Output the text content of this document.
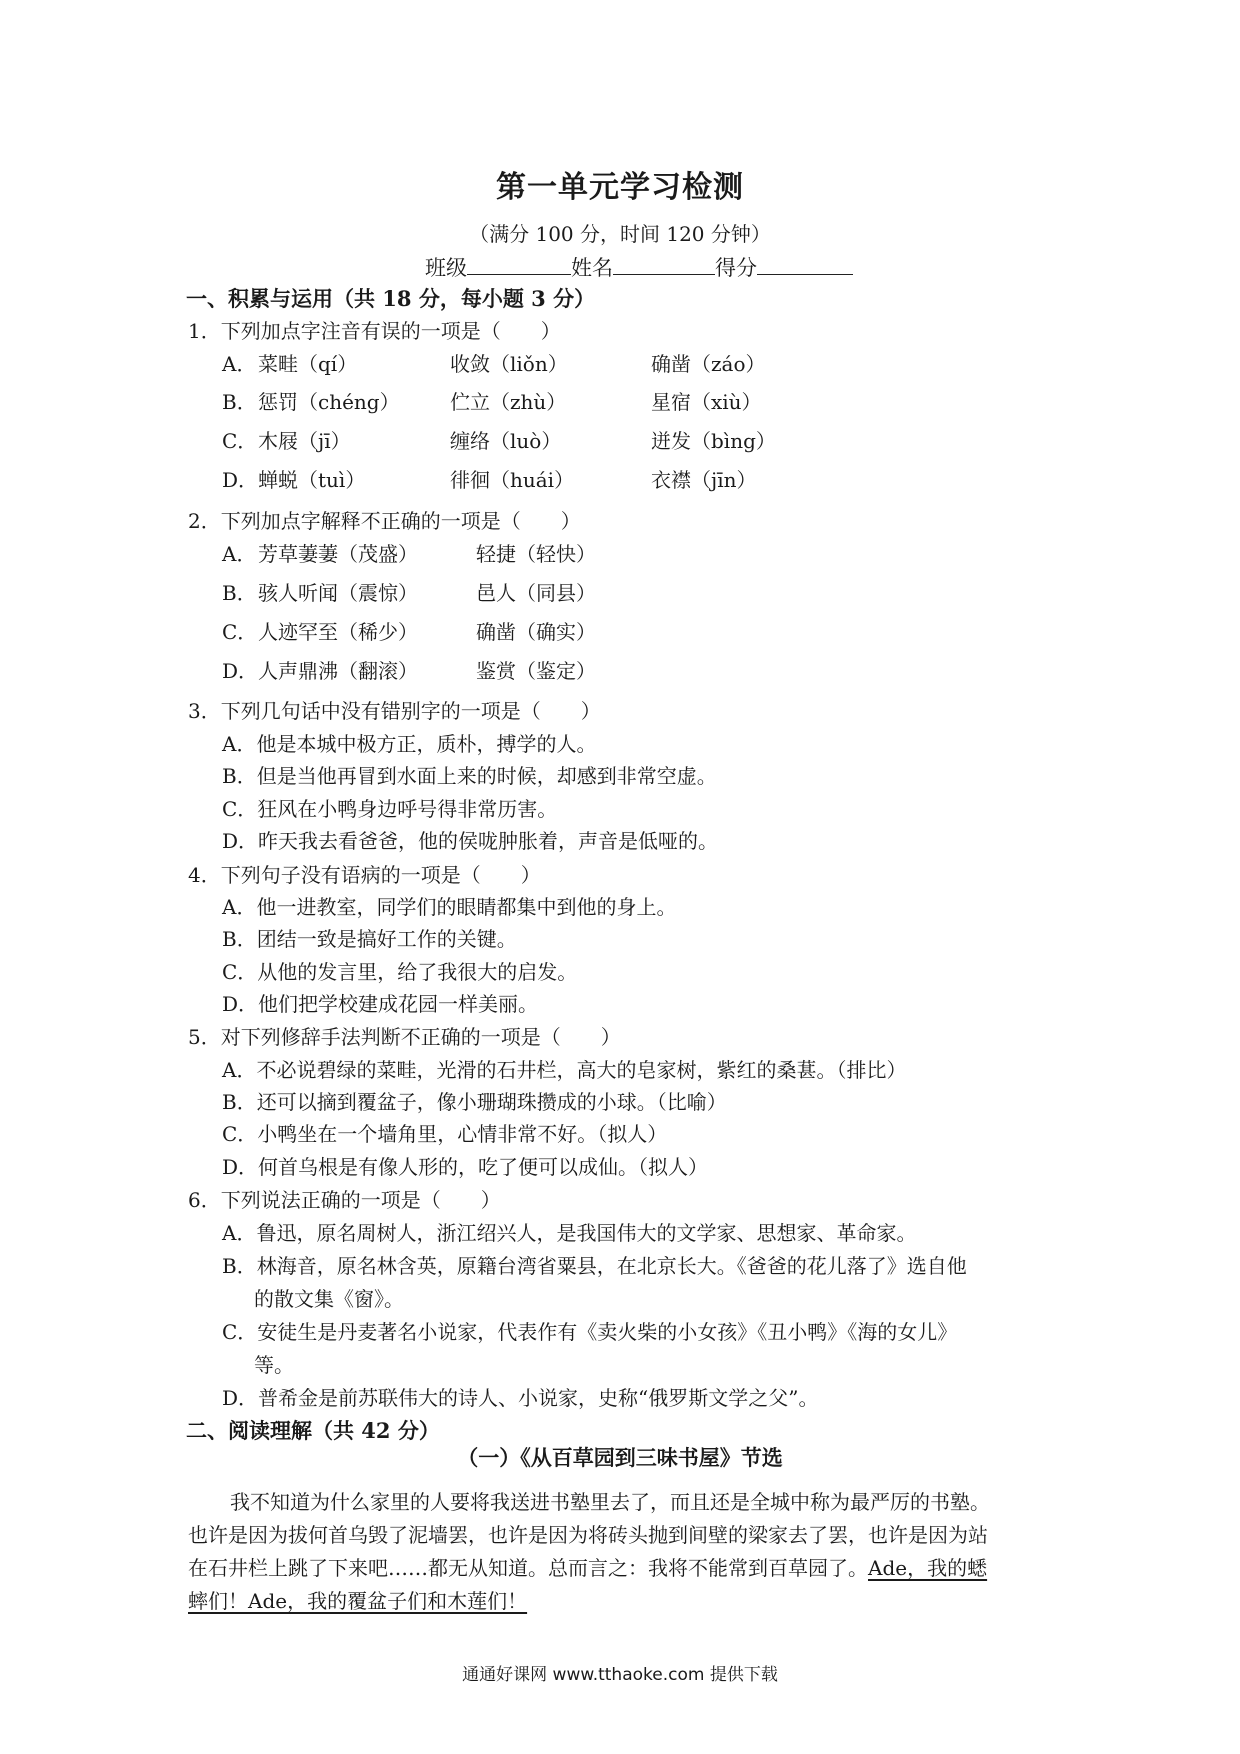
第一单元学习检测
（满分 100 分，时间 120 分钟）
班级	姓名	得分
一、积累与运用（共 18 分，每小题 3 分）
1．下列加点字注音有误的一项是（　　）
A． 菜畦（qí）	收敛（liǒn）	确凿（záo）
B． 惩罚（chéng）	伫立（zhù）	星宿（xiù）
C． 木屐（jī）	缠络（luò）	迸发（bìng）
D． 蝉蜕（tuì）	徘徊（huái）	衣襟（jīn）
2．下列加点字解释不正确的一项是（　　）
A． 芳草萋萋（茂盛）	轻捷（轻快）
B． 骇人听闻（震惊）	邑人（同县）
C． 人迹罕至（稀少）	确凿（确实）
D． 人声鼎沸（翻滚）	鉴赏（鉴定）
3．下列几句话中没有错别字的一项是（　　）
A．他是本城中极方正，质朴，搏学的人。
B．但是当他再冒到水面上来的时候，却感到非常空虚。
C．狂风在小鸭身边呼号得非常历害。
D．昨天我去看爸爸，他的侯咙肿胀着，声音是低哑的。
4．下列句子没有语病的一项是（　　）
A．他一进教室，同学们的眼睛都集中到他的身上。
B．团结一致是搞好工作的关键。
C．从他的发言里，给了我很大的启发。
D．他们把学校建成花园一样美丽。
5．对下列修辞手法判断不正确的一项是（　　）
A．不必说碧绿的菜畦，光滑的石井栏，高大的皂家树，紫红的桑葚。（排比）
B．还可以摘到覆盆子，像小珊瑚珠攒成的小球。（比喻）
C．小鸭坐在一个墙角里，心情非常不好。（拟人）
D．何首乌根是有像人形的，吃了便可以成仙。（拟人）
6．下列说法正确的一项是（　　）
A．鲁迅，原名周树人，浙江绍兴人，是我国伟大的文学家、思想家、革命家。
B．林海音，原名林含英，原籍台湾省粟县，在北京长大。《爸爸的花儿落了》选自他
的散文集《窗》。
C．安徒生是丹麦著名小说家，代表作有《卖火柴的小女孩》《丑小鸭》《海的女儿》
等。
D．普希金是前苏联伟大的诗人、小说家，史称“俄罗斯文学之父”。
二、阅读理解（共 42 分）
（一）《从百草园到三味书屋》节选
我不知道为什么家里的人要将我送进书塾里去了，而且还是全城中称为最严厉的书塾。
也许是因为拔何首乌毁了泥墙罢，也许是因为将砖头抛到间壁的梁家去了罢，也许是因为站
在石井栏上跳了下来吧……都无从知道。总而言之：我将不能常到百草园了。Ade，我的蟋
蟀们！Ade，我的覆盆子们和木莲们！
通通好课网 www.tthaoke.com 提供下载
